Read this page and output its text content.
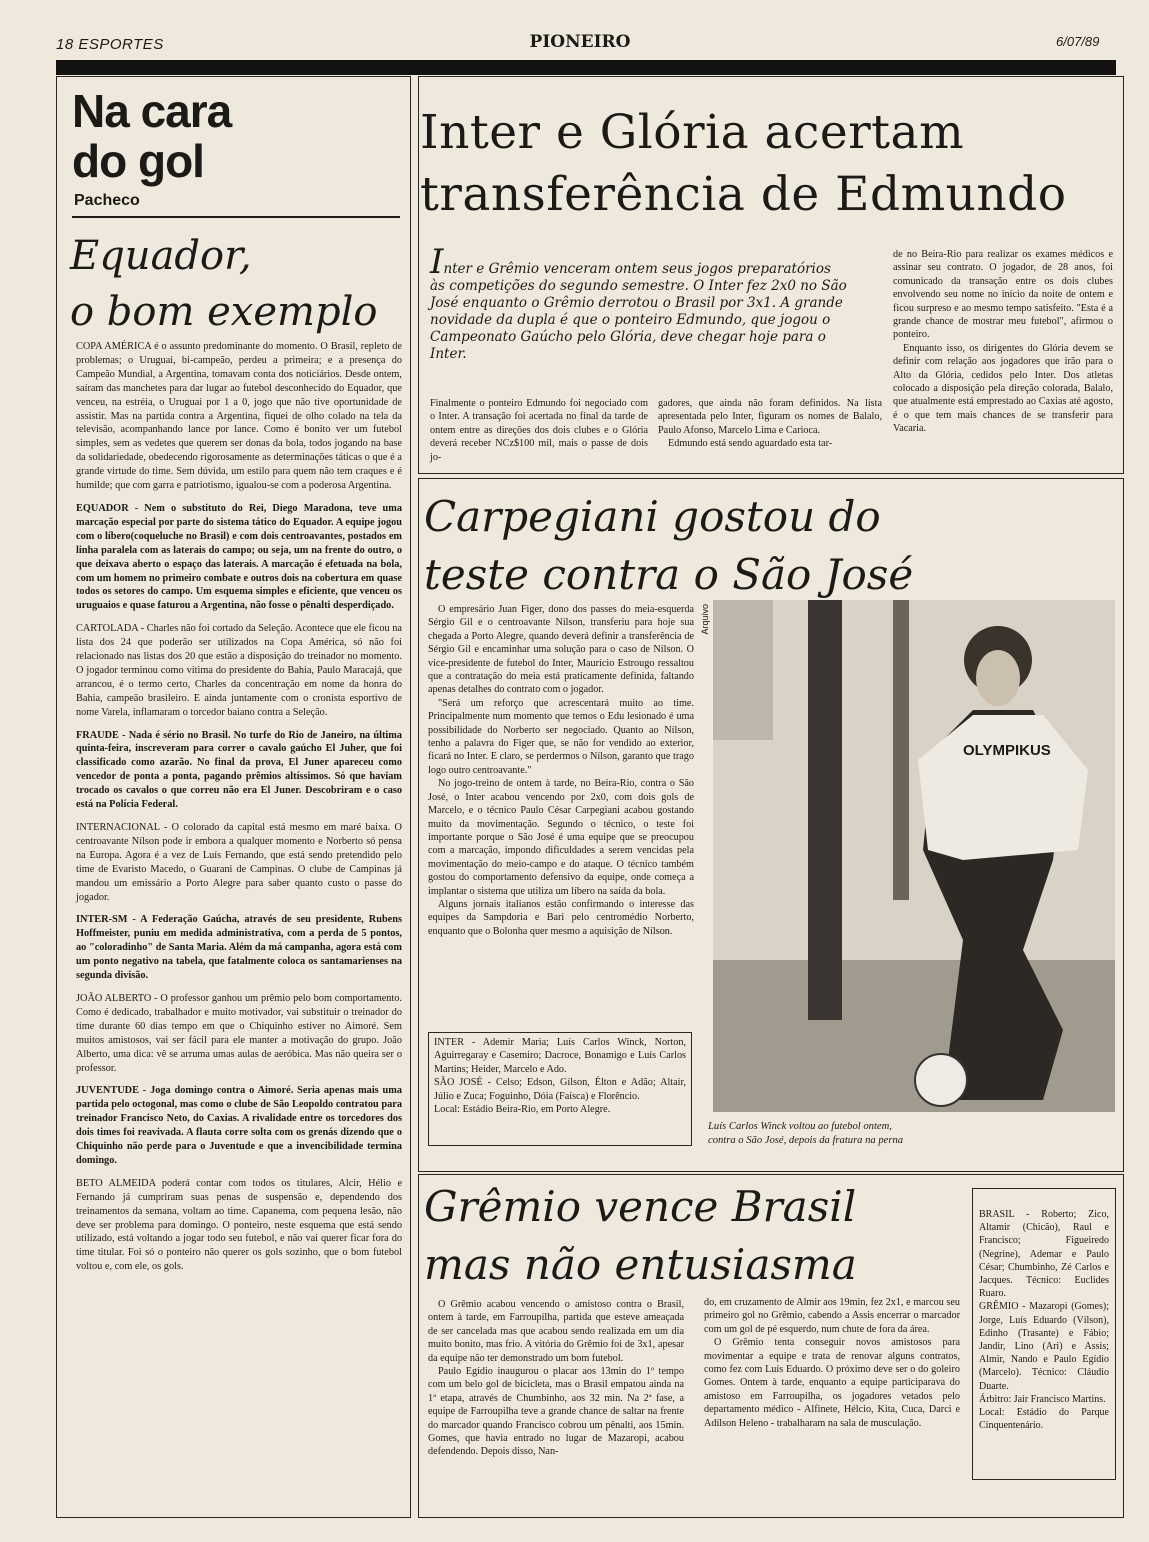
18 ESPORTES	PIONEIRO	6/07/89
Na cara
do gol
Pacheco
Equador,
o bom exemplo
COPA AMÉRICA é o assunto predominante do momento. O Brasil, repleto de problemas; o Uruguai, bi-campeão, perdeu a primeira; e a presença do Campeão Mundial, a Argentina, tomavam conta dos noticiários. Desde ontem, saíram das manchetes para dar lugar ao futebol desconhecido do Equador, que venceu, na estréia, o Uruguai por 1 a 0, jogo que não tive oportunidade de assistir. Mas na partida contra a Argentina, fiquei de olho colado na tela da televisão, acompanhando lance por lance. Como é bonito ver um futebol simples, sem as vedetes que querem ser donas da bola, todos jogando na base da solidariedade, obedecendo rigorosamente as determinações táticas o que é a grande virtude do time. Sem dúvida, um estilo para quem não tem craques e é humilde; que com garra e patriotismo, igualou-se com a poderosa Argentina.
EQUADOR - Nem o substituto do Rei, Diego Maradona, teve uma marcação especial por parte do sistema tático do Equador. A equipe jogou com o líbero(coqueluche no Brasil) e com dois centroavantes, postados em linha paralela com as laterais do campo; ou seja, um na frente do outro, o que deixava aberto o espaço das laterais. A marcação é efetuada na bola, com um homem no primeiro combate e outros dois na cobertura em quase todos os setores do campo. Um esquema simples e eficiente, que venceu os uruguaios e quase faturou a Argentina, não fosse o pênalti desperdiçado.
CARTOLADA - Charles não foi cortado da Seleção. Acontece que ele ficou na lista dos 24 que poderão ser utilizados na Copa América, só não foi relacionado nas listas dos 20 que estão a disposição do treinador no momento. O jogador terminou como vítima do presidente do Bahia, Paulo Maracajá, que arrancou, é o termo certo, Charles da concentração em nome da honra do Bahia, campeão brasileiro. E ainda juntamente com o cronista esportivo de nome Varela, inflamaram o torcedor baiano contra a Seleção.
FRAUDE - Nada é sério no Brasil. No turfe do Rio de Janeiro, na última quinta-feira, inscreveram para correr o cavalo gaúcho El Juher, que foi classificado como azarão. No final da prova, El Juner apareceu como vencedor de ponta a ponta, pagando prêmios altíssimos. Só que haviam trocado os cavalos o que correu não era El Juner. Descobriram e o caso está na Polícia Federal.
INTERNACIONAL - O colorado da capital está mesmo em maré baixa. O centroavante Nílson pode ir embora a qualquer momento e Norberto só pensa na Europa. Agora é a vez de Luís Fernando, que está sendo pretendido pelo time de Evaristo Macedo, o Guarani de Campinas. O clube de Campinas já mandou um emissário a Porto Alegre para saber quanto custo o passe do jogador.
INTER-SM - A Federação Gaúcha, através de seu presidente, Rubens Hoffmeister, puniu em medida administrativa, com a perda de 5 pontos, ao "coloradinho" de Santa Maria. Além da má campanha, agora está com um ponto negativo na tabela, que fatalmente coloca os santamarienses na segunda divisão.
JOÃO ALBERTO - O professor ganhou um prêmio pelo bom comportamento. Como é dedicado, trabalhador e muito motivador, vai substituir o treinador do time durante 60 dias tempo em que o Chiquinho estiver no Aimoré. Sem muitos amistosos, vai ser fácil para ele manter a motivação do grupo. João Alberto, uma dica: vê se arruma umas aulas de aeróbica. Mas não queira ser o professor.
JUVENTUDE - Joga domingo contra o Aimoré. Seria apenas mais uma partida pelo octogonal, mas como o clube de São Leopoldo contratou para treinador Francisco Neto, do Caxias. A rivalidade entre os torcedores dos dois times foi reavivada. A flauta corre solta com os grenás dizendo que o Chiquinho não perde para o Juventude e que a invencibilidade termina domingo.
BETO ALMEIDA poderá contar com todos os titulares, Alcir, Hélio e Fernando já cumpriram suas penas de suspensão e, dependendo dos treinamentos da semana, voltam ao time. Capanema, com pequena lesão, não deve ser problema para domingo. O ponteiro, neste esquema que está sendo utilizado, está voltando a jogar todo seu futebol, e não vai querer ficar fora do time titular. Foi só o ponteiro não querer os gols sozinho, que o bom futebol voltou e, com ele, os gols.
Inter e Glória acertam
transferência de Edmundo
Inter e Grêmio venceram ontem seus jogos preparatórios às competições do segundo semestre. O Inter fez 2x0 no São José enquanto o Grêmio derrotou o Brasil por 3x1. A grande novidade da dupla é que o ponteiro Edmundo, que jogou o Campeonato Gaúcho pelo Glória, deve chegar hoje para o Inter.
de no Beira-Rio para realizar os exames médicos e assinar seu contrato. O jogador, de 28 anos, foi comunicado da transação entre os dois clubes envolvendo seu nome no início da noite de ontem e ficou surpreso e ao mesmo tempo satisfeito. "Esta é a grande chance de mostrar meu futebol", afirmou o ponteiro.
Enquanto isso, os dirigentes do Glória devem se definir com relação aos jogadores que irão para o Alto da Glória, cedidos pelo Inter. Dos atletas colocado a disposição pela direção colorada, Balalo, que atualmente está emprestado ao Caxias até agosto, é o que tem mais chances de se transferir para Vacaria.
Finalmente o ponteiro Edmundo foi negociado com o Inter. A transação foi acertada no final da tarde de ontem entre as direções dos dois clubes e o Glória deverá receber NCz$100 mil, mais o passe de dois jo-
gadores, que ainda não foram definidos. Na lista apresentada pelo Inter, figuram os nomes de Balalo, Paulo Afonso, Marcelo Lima e Carioca.
Edmundo está sendo aguardado esta tar-
Carpegiani gostou do
teste contra o São José
O empresário Juan Figer, dono dos passes do meia-esquerda Sérgio Gil e o centroavante Nílson, transferiu para hoje sua chegada a Porto Alegre, quando deverá definir a transferência de Sérgio Gil e encaminhar uma solução para o caso de Nílson. O vice-presidente de futebol do Inter, Maurício Estrougo ressaltou que a contratação do meia está praticamente definida, faltando apenas detalhes do contrato com o jogador.
"Será um reforço que acrescentará muito ao time. Principalmente num momento que temos o Edu lesionado é uma possibilidade do Norberto ser negociado. Quanto ao Nílson, tenho a palavra do Figer que, se não for vendido ao exterior, ficará no Inter. E claro, se perdermos o Nílson, garanto que trago logo outro centroavante."
No jogo-treino de ontem à tarde, no Beira-Rio, contra o São José, o Inter acabou vencendo por 2x0, com dois gols de Marcelo, e o técnico Paulo César Carpegiani acabou gostando muito da movimentação. Segundo o técnico, o teste foi importante porque o São José é uma equipe que se preocupou com a marcação, impondo dificuldades a serem vencidas pela movimentação do meio-campo e do ataque. O técnico também gostou do comportamento defensivo da equipe, onde começa a implantar o sistema que utiliza um líbero na saída da bola.
Alguns jornais italianos estão confirmando o interesse das equipes da Sampdoria e Bari pelo centromédio Norberto, enquanto que o Bolonha quer mesmo a aquisição de Nílson.
Arquivo
OLYMPIKUS
INTER - Ademir Maria; Luís Carlos Winck, Norton, Aguirregaray e Casemiro; Dacroce, Bonamigo e Luís Carlos Martins; Heider, Marcelo e Ado.
SÃO JOSÉ - Celso; Edson, Gílson, Élton e Adão; Altair, Júlio e Zuca; Foguinho, Dóia (Faísca) e Florêncio.
Local: Estádio Beira-Rio, em Porto Alegre.
Luís Carlos Winck voltou ao futebol ontem,
contra o São José, depois da fratura na perna
Grêmio vence Brasil
mas não entusiasma
O Grêmio acabou vencendo o amistoso contra o Brasil, ontem à tarde, em Farroupilha, partida que esteve ameaçada de ser cancelada mas que acabou sendo realizada em um dia muito bonito, mas frio. A vitória do Grêmio foi de 3x1, apesar da equipe não ter demonstrado um bom futebol.
Paulo Egídio inaugurou o placar aos 13min do 1º tempo com um belo gol de bicicleta, mas o Brasil empatou ainda na 1ª etapa, através de Chumbinho, aos 32 min. Na 2ª fase, a equipe de Farroupilha teve a grande chance de saltar na frente do marcador quando Francisco cobrou um pênalti, aos 15min. Gomes, que havia entrado no lugar de Mazaropi, acabou defendendo. Depois disso, Nan-
do, em cruzamento de Almir aos 19min, fez 2x1, e marcou seu primeiro gol no Grêmio, cabendo a Assis encerrar o marcador com um gol de pé esquerdo, num chute de fora da área.
O Grêmio tenta conseguir novos amistosos para movimentar a equipe e trata de renovar alguns contratos, como fez com Luís Eduardo. O próximo deve ser o do goleiro Gomes. Ontem à tarde, enquanto a equipe participarava do amistoso em Farroupilha, os jogadores vetados pelo departamento médico - Alfinete, Hélcio, Kita, Cuca, Darci e Adílson Heleno - trabalharam na sala de musculação.
BRASIL - Roberto; Zico, Altamir (Chicão), Raul e Francisco; Figueiredo (Negrine), Ademar e Paulo César; Chumbinho, Zé Carlos e Jacques. Técnico: Euclides Ruaro.
GRÊMIO - Mazaropi (Gomes); Jorge, Luís Eduardo (Vílson), Edinho (Trasante) e Fábio; Jandir, Lino (Ari) e Assis; Almir, Nando e Paulo Egídio (Marcelo). Técnico: Cláudio Duarte.
Árbitro: Jair Francisco Martins.
Local: Estádio do Parque Cinquentenário.
